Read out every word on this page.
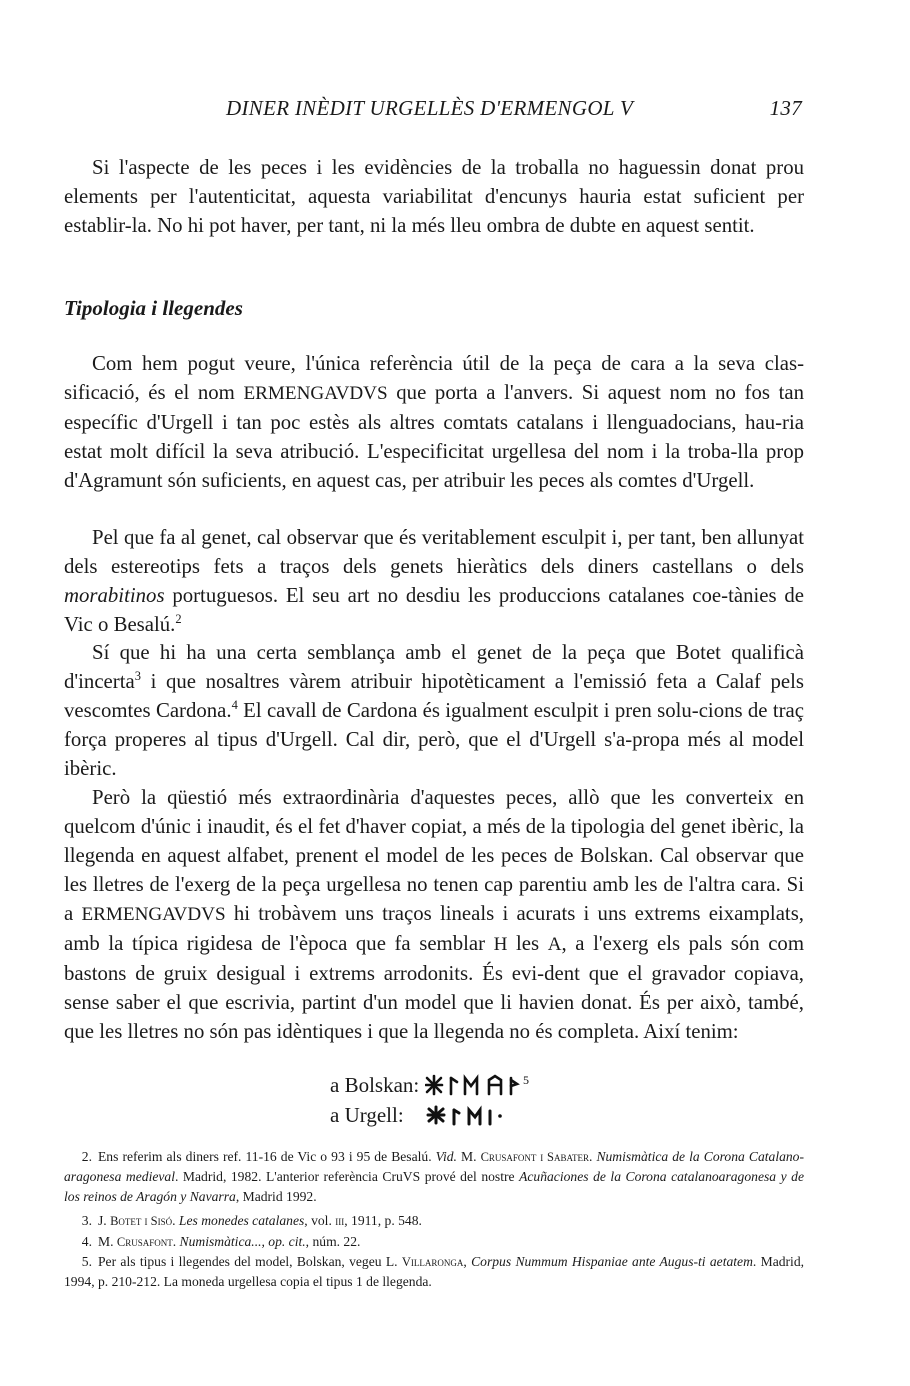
DINER INÈDIT URGELLÈS D'ERMENGOL V	137

Si l'aspecte de les peces i les evidències de la troballa no haguessin donat prou elements per l'autenticitat, aquesta variabilitat d'encunys hauria estat suficient per establir-la. No hi pot haver, per tant, ni la més lleu ombra de dubte en aquest sentit.

Tipologia i llegendes

Com hem pogut veure, l'única referència útil de la peça de cara a la seva clas-sificació, és el nom ERMENGAVDVS que porta a l'anvers. Si aquest nom no fos tan específic d'Urgell i tan poc estès als altres comtats catalans i llenguadocians, hau-ria estat molt difícil la seva atribució. L'especificitat urgellesa del nom i la troba-lla prop d'Agramunt són suficients, en aquest cas, per atribuir les peces als comtes d'Urgell.

Pel que fa al genet, cal observar que és veritablement esculpit i, per tant, ben allunyat dels estereotips fets a traços dels genets hieràtics dels diners castellans o dels morabitinos portuguesos. El seu art no desdiu les produccions catalanes coe-tànies de Vic o Besalú.$^2$

Sí que hi ha una certa semblança amb el genet de la peça que Botet qualificà d'incerta$^3$ i que nosaltres vàrem atribuir hipotèticament a l'emissió feta a Calaf pels vescomtes Cardona.$^4$ El cavall de Cardona és igualment esculpit i pren solu-cions de traç força properes al tipus d'Urgell. Cal dir, però, que el d'Urgell s'a-propa més al model ibèric.

Però la qüestió més extraordinària d'aquestes peces, allò que les converteix en quelcom d'únic i inaudit, és el fet d'haver copiat, a més de la tipologia del genet ibèric, la llegenda en aquest alfabet, prenent el model de les peces de Bolskan. Cal observar que les lletres de l'exerg de la peça urgellesa no tenen cap parentiu amb les de l'altra cara. Si a ERMENGAVDVS hi trobàvem uns traços lineals i acurats i uns extrems eixamplats, amb la típica rigidesa de l'època que fa semblar H les A, a l'exerg els pals són com bastons de gruix desigual i extrems arrodonits. És evi-dent que el gravador copiava, sense saber el que escrivia, partint d'un model que li havien donat. És per això, també, que les lletres no són pas idèntiques i que la llegenda no és completa. Així tenim:

a Bolskan:	5
a Urgell:

2. Ens referim als diners ref. 11-16 de Vic o 93 i 95 de Besalú. Vid. M. Crusafont i Sabater. Numismàtica de la Corona Catalano-aragonesa medieval. Madrid, 1982. L'anterior referència CruVS prové del nostre Acuñaciones de la Corona catalanoaragonesa y de los reinos de Aragón y Navarra, Madrid 1992.

3. J. Botet i Sisó. Les monedes catalanes, vol. iii, 1911, p. 548.

4. M. Crusafont. Numismàtica..., op. cit., núm. 22.

5. Per als tipus i llegendes del model, Bolskan, vegeu L. Villaronga, Corpus Nummum Hispaniae ante Augus-ti aetatem. Madrid, 1994, p. 210-212. La moneda urgellesa copia el tipus 1 de llegenda.
